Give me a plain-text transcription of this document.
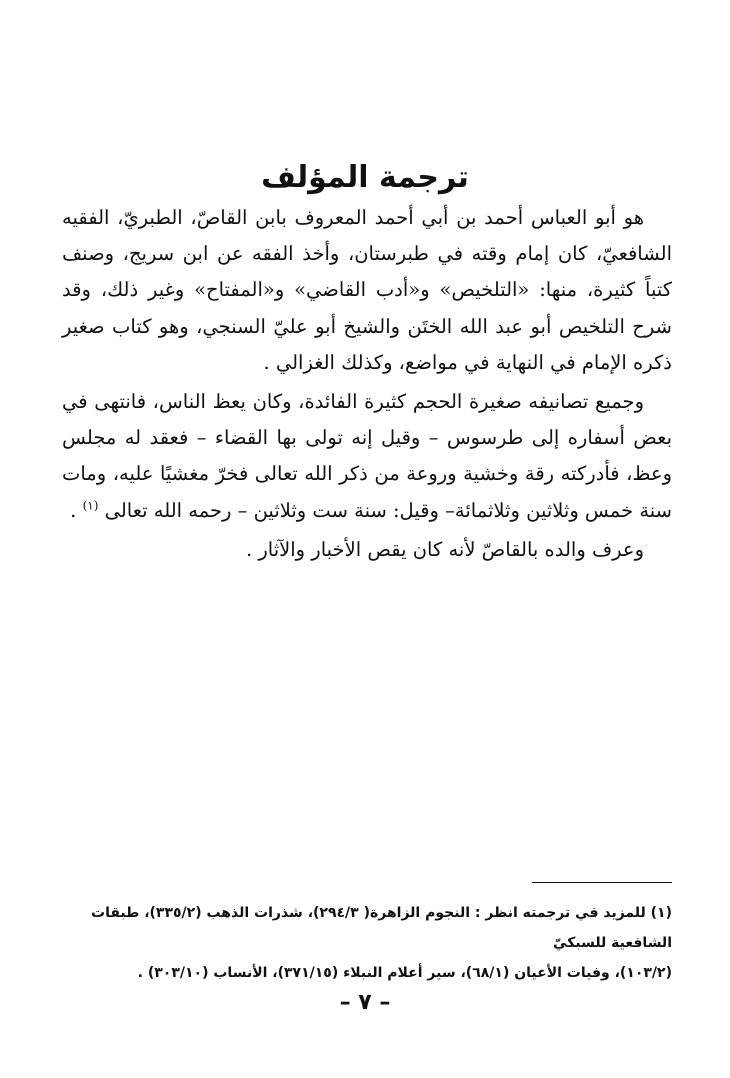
ترجمة المؤلف

هو أبو العباس أحمد بن أبي أحمد المعروف بابن القاصّ، الطبريّ، الفقيه الشافعيّ، كان إمام وقته في طبرستان، وأخذ الفقه عن ابن سريج، وصنف كتباً كثيرة، منها: «التلخيص» و«أدب القاضي» و«المفتاح» وغير ذلك، وقد شرح التلخيص أبو عبد الله الختَن والشيخ أبو عليّ السنجي، وهو كتاب صغير ذكره الإمام في النهاية في مواضع، وكذلك الغزالي .

وجميع تصانيفه صغيرة الحجم كثيرة الفائدة، وكان يعظ الناس، فانتهى في بعض أسفاره إلى طرسوس – وقيل إنه تولى بها القضاء – فعقد له مجلس وعظ، فأدركته رقة وخشية وروعة من ذكر الله تعالى فخرّ مغشيًا عليه، ومات سنة خمس وثلاثين وثلاثمائة– وقيل: سنة ست وثلاثين – رحمه الله تعالى $^{(١)}$ .

وعرف والده بالقاصّ لأنه كان يقص الأخبار والآثار .

(١) للمزيد في ترجمته انظر : النجوم الزاهرة( ٢٩٤/٣)، شذرات الذهب (٣٣٥/٢)، طبقات الشافعية للسبكيّ

(١٠٣/٢)، وفيات الأعيان (٦٨/١)، سير أعلام النبلاء (٣٧١/١٥)، الأنساب (٣٠٣/١٠) .

– ٧ –
